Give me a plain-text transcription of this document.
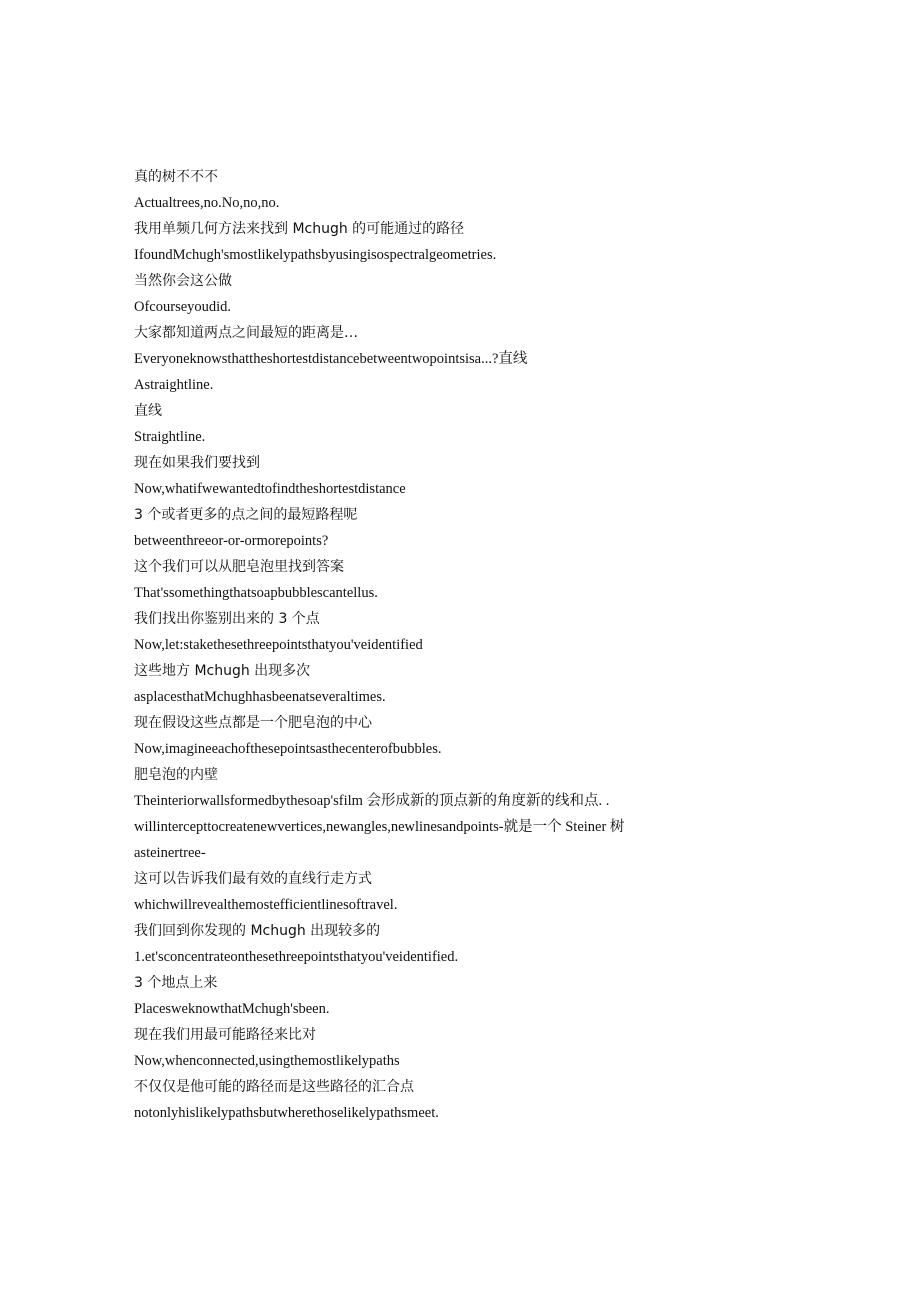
真的树不不不
Actualtrees,no.No,no,no.
我用单频几何方法来找到 Mchugh 的可能通过的路径
IfoundMchugh'smostlikelypathsbyusingisospectralgeometries.
当然你会这公做
Ofcourseyoudid.
大家都知道两点之间最短的距离是…
Everyoneknowsthattheshortestdistancebetweentwopointsisa...?直线
Astraightline.
直线
Straightline.
现在如果我们要找到
Now,whatifwewantedtofindtheshortestdistance
3 个或者更多的点之间的最短路程呢
betweenthreeor-or-ormorepoints?
这个我们可以从肥皂泡里找到答案
That'ssomethingthatsoapbubblescantellus.
我们找出你鉴别出来的 3 个点
Now,let:stakethesethreepointsthatyou'veidentified
这些地方 Mchugh 出现多次
asplacesthatMchughhasbeenatseveraltimes.
现在假设这些点都是一个肥皂泡的中心
Now,imagineeachofthesepointsasthecenterofbubbles.
肥皂泡的内壁
Theinteriorwallsformedbythesoap'sfilm 会形成新的顶点新的角度新的线和点. .
willintercepttocreatenewvertices,newangles,newlinesandpoints-就是一个 Steiner 树
asteinertree-
这可以告诉我们最有效的直线行走方式
whichwillrevealthemostefficientlinesoftravel.
我们回到你发现的 Mchugh 出现较多的
1.et'sconcentrateonthesethreepointsthatyou'veidentified.
3 个地点上来
PlacesweknowthatMchugh'sbeen.
现在我们用最可能路径来比对
Now,whenconnected,usingthemostlikelypaths
不仅仅是他可能的路径而是这些路径的汇合点
notonlyhislikelypathsbutwherethoselikelypathsmeet.
